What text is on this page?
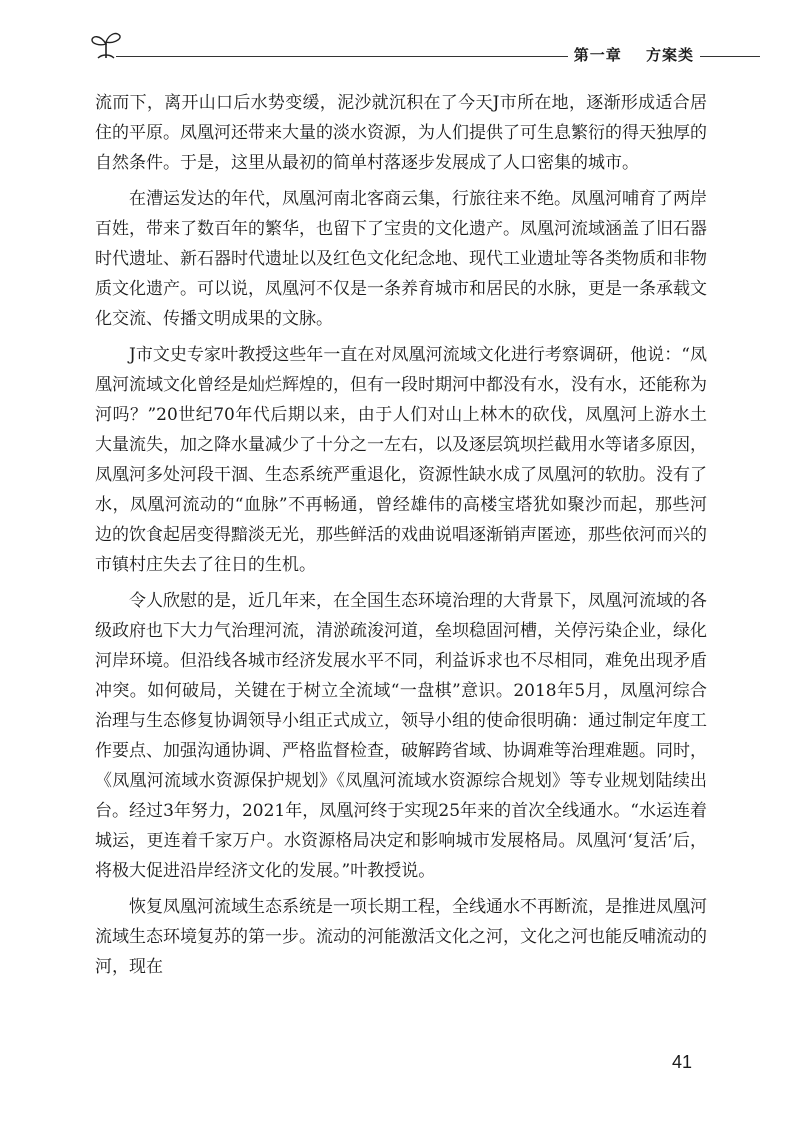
第一章 方案类

流而下，离开山口后水势变缓，泥沙就沉积在了今天J市所在地，逐渐形成适合居住的平原。凤凰河还带来大量的淡水资源，为人们提供了可生息繁衍的得天独厚的自然条件。于是，这里从最初的简单村落逐步发展成了人口密集的城市。

在漕运发达的年代，凤凰河南北客商云集，行旅往来不绝。凤凰河哺育了两岸百姓，带来了数百年的繁华，也留下了宝贵的文化遗产。凤凰河流域涵盖了旧石器时代遗址、新石器时代遗址以及红色文化纪念地、现代工业遗址等各类物质和非物质文化遗产。可以说，凤凰河不仅是一条养育城市和居民的水脉，更是一条承载文化交流、传播文明成果的文脉。

J市文史专家叶教授这些年一直在对凤凰河流域文化进行考察调研，他说：“凤凰河流域文化曾经是灿烂辉煌的，但有一段时期河中都没有水，没有水，还能称为河吗？”20世纪70年代后期以来，由于人们对山上林木的砍伐，凤凰河上游水土大量流失，加之降水量减少了十分之一左右，以及逐层筑坝拦截用水等诸多原因，凤凰河多处河段干涸、生态系统严重退化，资源性缺水成了凤凰河的软肋。没有了水，凤凰河流动的“血脉”不再畅通，曾经雄伟的高楼宝塔犹如聚沙而起，那些河边的饮食起居变得黯淡无光，那些鲜活的戏曲说唱逐渐销声匿迹，那些依河而兴的市镇村庄失去了往日的生机。

令人欣慰的是，近几年来，在全国生态环境治理的大背景下，凤凰河流域的各级政府也下大力气治理河流，清淤疏浚河道，垒坝稳固河槽，关停污染企业，绿化河岸环境。但沿线各城市经济发展水平不同，利益诉求也不尽相同，难免出现矛盾冲突。如何破局，关键在于树立全流域“一盘棋”意识。2018年5月，凤凰河综合治理与生态修复协调领导小组正式成立，领导小组的使命很明确：通过制定年度工作要点、加强沟通协调、严格监督检查，破解跨省域、协调难等治理难题。同时，《凤凰河流域水资源保护规划》《凤凰河流域水资源综合规划》等专业规划陆续出台。经过3年努力，2021年，凤凰河终于实现25年来的首次全线通水。“水运连着城运，更连着千家万户。水资源格局决定和影响城市发展格局。凤凰河‘复活’后，将极大促进沿岸经济文化的发展。”叶教授说。

恢复凤凰河流域生态系统是一项长期工程，全线通水不再断流，是推进凤凰河流域生态环境复苏的第一步。流动的河能激活文化之河，文化之河也能反哺流动的河，现在

41
